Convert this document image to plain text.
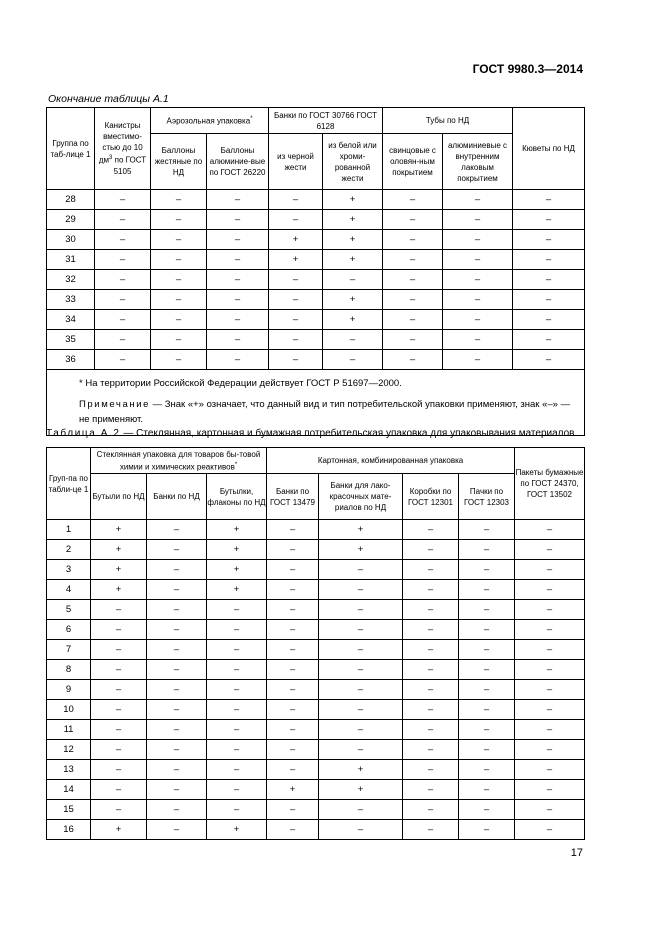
ГОСТ 9980.3—2014
Окончание таблицы А.1
Группа по таб-лице 1	Канистры вместимо-стью до 10 $дм^3$ по ГОСТ 5105	Аэрозольная упаковка*		Банки по ГОСТ 30766 ГОСТ 6128		Тубы по НД		Кюветы по НД
		Баллоны жестяные по НД	Баллоны алюминие-вые по ГОСТ 26220	из черной жести	из белой или хроми-рованной жести	свинцовые с оловян-ным покрытием	алюминиевые с внутренним лаковым покрытием	
28	–	–	–	–	+	–	–	–
29	–	–	–	–	+	–	–	–
30	–	–	–	+	+	–	–	–
31	–	–	–	+	+	–	–	–
32	–	–	–	–	–	–	–	–
33	–	–	–	–	+	–	–	–
34	–	–	–	–	+	–	–	–
35	–	–	–	–	–	–	–	–
36	–	–	–	–	–	–	–	–

* На территории Российской Федерации действует ГОСТ Р 51697—2000.

Примечание — Знак «+» означает, что данный вид и тип потребительской упаковки применяют, знак «–» — не применяют.								

Таблица А.2 — Стеклянная, картонная и бумажная потребительская упаковка для упаковывания материалов
Груп-па по табли-це 1	Стеклянная упаковка для товаров бы-товой химии и химических реактивов*			Картонная, комбинированная упаковка				Пакеты бумажные по ГОСТ 24370, ГОСТ 13502
	Бутыли по НД	Банки по НД	Бутылки, флаконы по НД	Банки по ГОСТ 13479	Банки для лако-красочных мате-риалов по НД	Коробки по ГОСТ 12301	Пачки по ГОСТ 12303	
1	+	–	+	–	+	–	–	–
2	+	–	+	–	+	–	–	–
3	+	–	+	–	–	–	–	–
4	+	–	+	–	–	–	–	–
5	–	–	–	–	–	–	–	–
6	–	–	–	–	–	–	–	–
7	–	–	–	–	–	–	–	–
8	–	–	–	–	–	–	–	–
9	–	–	–	–	–	–	–	–
10	–	–	–	–	–	–	–	–
11	–	–	–	–	–	–	–	–
12	–	–	–	–	–	–	–	–
13	–	–	–	–	+	–	–	–
14	–	–	–	+	+	–	–	–
15	–	–	–	–	–	–	–	–
16	+	–	+	–	–	–	–	–
17
